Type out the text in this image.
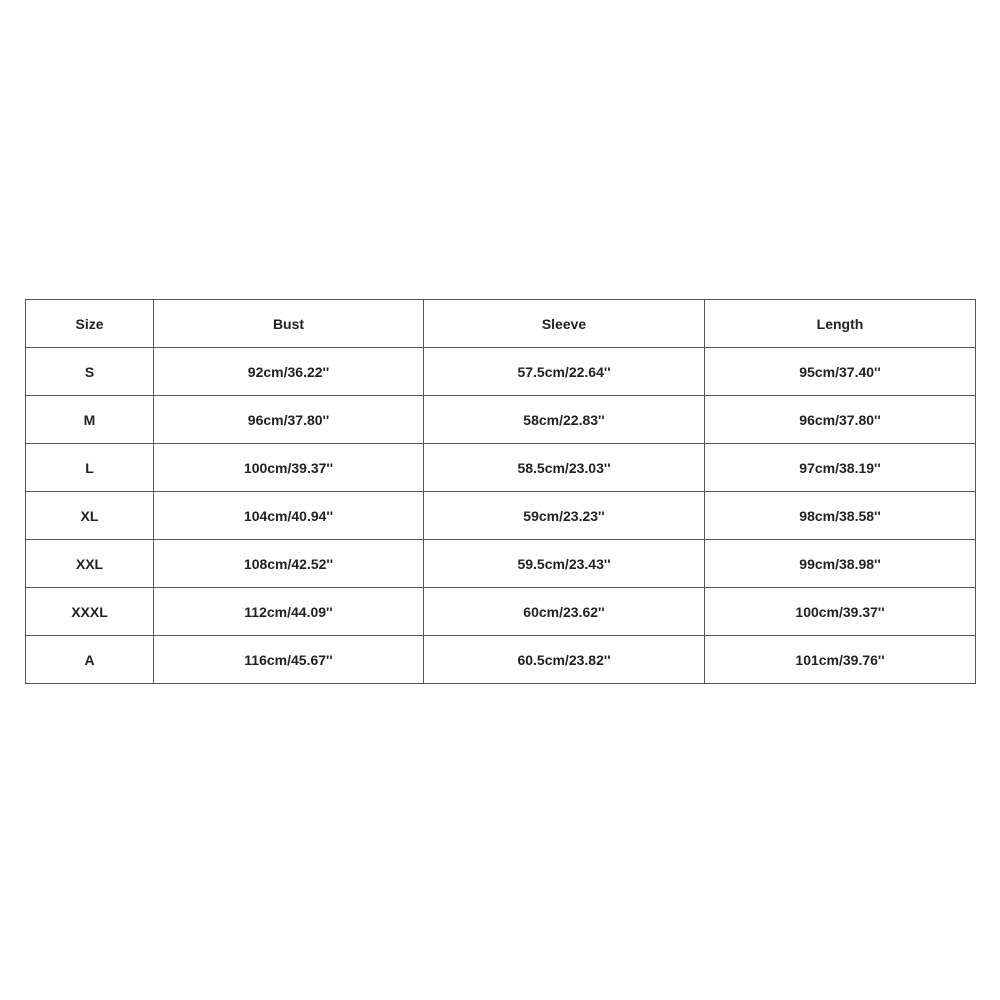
Size	Bust	Sleeve	Length
S	92cm/36.22''	57.5cm/22.64''	95cm/37.40''
M	96cm/37.80''	58cm/22.83''	96cm/37.80''
L	100cm/39.37''	58.5cm/23.03''	97cm/38.19''
XL	104cm/40.94''	59cm/23.23''	98cm/38.58''
XXL	108cm/42.52''	59.5cm/23.43''	99cm/38.98''
XXXL	112cm/44.09''	60cm/23.62''	100cm/39.37''
A	116cm/45.67''	60.5cm/23.82''	101cm/39.76''
